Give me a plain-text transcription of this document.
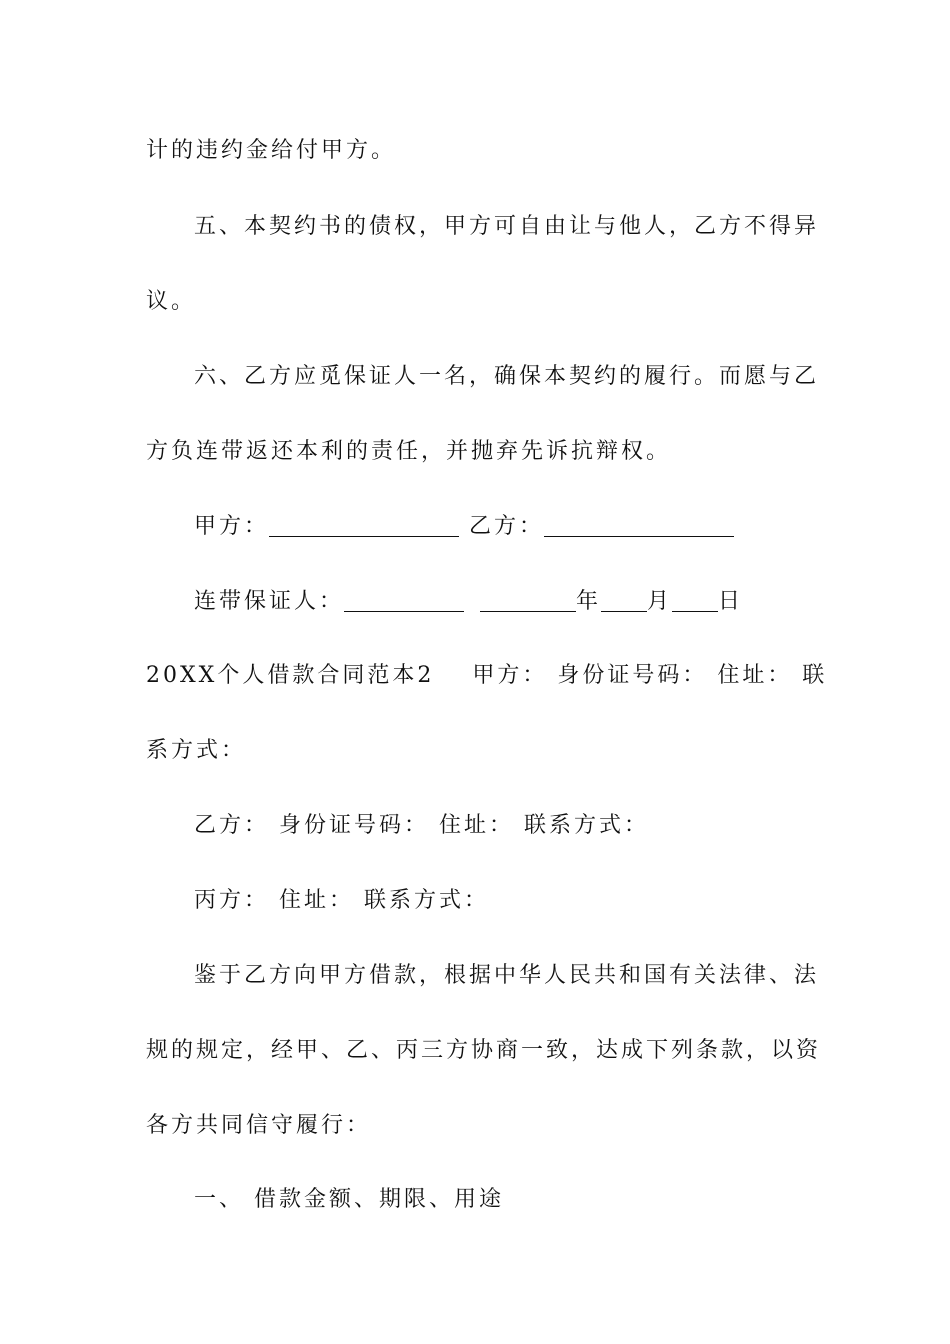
计的违约金给付甲方。
五、本契约书的债权，甲方可自由让与他人，乙方不得异
议。
六、乙方应觅保证人一名，确保本契约的履行。而愿与乙
方负连带返还本利的责任，并抛弃先诉抗辩权。
甲方：	乙方：
连带保证人：	年 月 日
20XX个人借款合同范本2 甲方： 身份证号码： 住址： 联
系方式：
乙方： 身份证号码： 住址： 联系方式：
丙方： 住址： 联系方式：
鉴于乙方向甲方借款，根据中华人民共和国有关法律、法
规的规定，经甲、乙、丙三方协商一致，达成下列条款，以资
各方共同信守履行：
一、 借款金额、期限、用途
